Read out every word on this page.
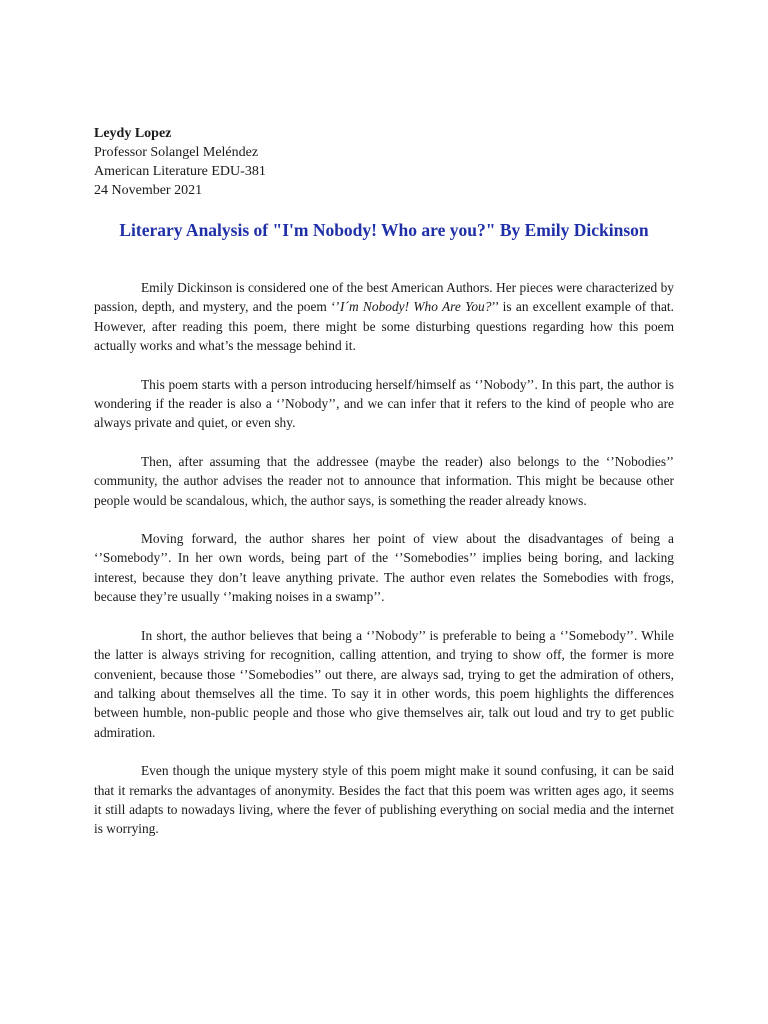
Leydy Lopez

Professor Solangel Meléndez

American Literature EDU-381

24 November 2021

Literary Analysis of "I'm Nobody! Who are you?" By Emily Dickinson

Emily Dickinson is considered one of the best American Authors. Her pieces were characterized by passion, depth, and mystery, and the poem ‘’I´m Nobody! Who Are You?’’ is an excellent example of that. However, after reading this poem, there might be some disturbing questions regarding how this poem actually works and what’s the message behind it.

This poem starts with a person introducing herself/himself as ‘’Nobody’’. In this part, the author is wondering if the reader is also a ‘’Nobody’’, and we can infer that it refers to the kind of people who are always private and quiet, or even shy.

Then, after assuming that the addressee (maybe the reader) also belongs to the ‘’Nobodies’’ community, the author advises the reader not to announce that information. This might be because other people would be scandalous, which, the author says, is something the reader already knows.

Moving forward, the author shares her point of view about the disadvantages of being a ‘’Somebody’’. In her own words, being part of the ‘’Somebodies’’ implies being boring, and lacking interest, because they don’t leave anything private. The author even relates the Somebodies with frogs, because they’re usually ‘’making noises in a swamp’’.

In short, the author believes that being a ‘’Nobody’’ is preferable to being a ‘’Somebody’’. While the latter is always striving for recognition, calling attention, and trying to show off, the former is more convenient, because those ‘’Somebodies’’ out there, are always sad, trying to get the admiration of others, and talking about themselves all the time. To say it in other words, this poem highlights the differences between humble, non-public people and those who give themselves air, talk out loud and try to get public admiration.

Even though the unique mystery style of this poem might make it sound confusing, it can be said that it remarks the advantages of anonymity. Besides the fact that this poem was written ages ago, it seems it still adapts to nowadays living, where the fever of publishing everything on social media and the internet is worrying.
